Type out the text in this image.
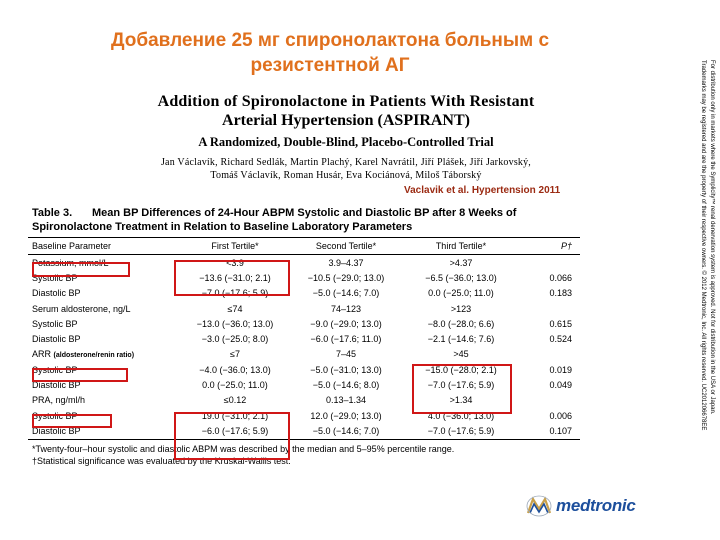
Добавление 25 мг спиронолактона больным с
резистентной АГ
Addition of Spironolactone in Patients With Resistant
Arterial Hypertension (ASPIRANT)
A Randomized, Double-Blind, Placebo-Controlled Trial
Jan Václavík, Richard Sedlák, Martin Plachý, Karel Navrátil, Jiří Plášek, Jiří Jarkovský,
Tomáš Václavík, Roman Husár, Eva Kociánová, Miloš Táborský
Vaclavik et al. Hypertension 2011
Table 3. Mean BP Differences of 24-Hour ABPM Systolic and Diastolic BP after 8 Weeks of
Spironolactone Treatment in Relation to Baseline Laboratory Parameters
Baseline Parameter	First Tertile*	Second Tertile*	Third Tertile*	P†
Potassium, mmol/L	<3.9	3.9–4.37	>4.37	
Systolic BP	−13.6 (−31.0; 2.1)	−10.5 (−29.0; 13.0)	−6.5 (−36.0; 13.0)	0.066
Diastolic BP	−7.0 (−17.6; 5.9)	−5.0 (−14.6; 7.0)	0.0 (−25.0; 11.0)	0.183
Serum aldosterone, ng/L	≤74	74–123	>123	
Systolic BP	−13.0 (−36.0; 13.0)	−9.0 (−29.0; 13.0)	−8.0 (−28.0; 6.6)	0.615
Diastolic BP	−3.0 (−25.0; 8.0)	−6.0 (−17.6; 11.0)	−2.1 (−14.6; 7.6)	0.524
ARR (aldosterone/renin ratio)	≤7	7–45	>45	
Systolic BP	−4.0 (−36.0; 13.0)	−5.0 (−31.0; 13.0)	−15.0 (−28.0; 2.1)	0.019
Diastolic BP	0.0 (−25.0; 11.0)	−5.0 (−14.6; 8.0)	−7.0 (−17.6; 5.9)	0.049
PRA, ng/ml/h	≤0.12	0.13–1.34	>1.34	
Systolic BP	19.0 (−31.0; 2.1)	12.0 (−29.0; 13.0)	4.0 (−36.0; 13.0)	0.006
Diastolic BP	−6.0 (−17.6; 5.9)	−5.0 (−14.6; 7.0)	−7.0 (−17.6; 5.9)	0.107
*Twenty-four–hour systolic and diastolic ABPM was described by the median and 5–95% percentile range.
†Statistical significance was evaluated by the Kruskal-Wallis test.
For distribution only in markets where the Symplicity™ renal denervation system is approved. Not for distribution in the USA or Japan.
Trademarks may be registered and are the property of their respective owners. © 2012 Medtronic, Inc. All rights reserved. UC201206678EE
medtronic
